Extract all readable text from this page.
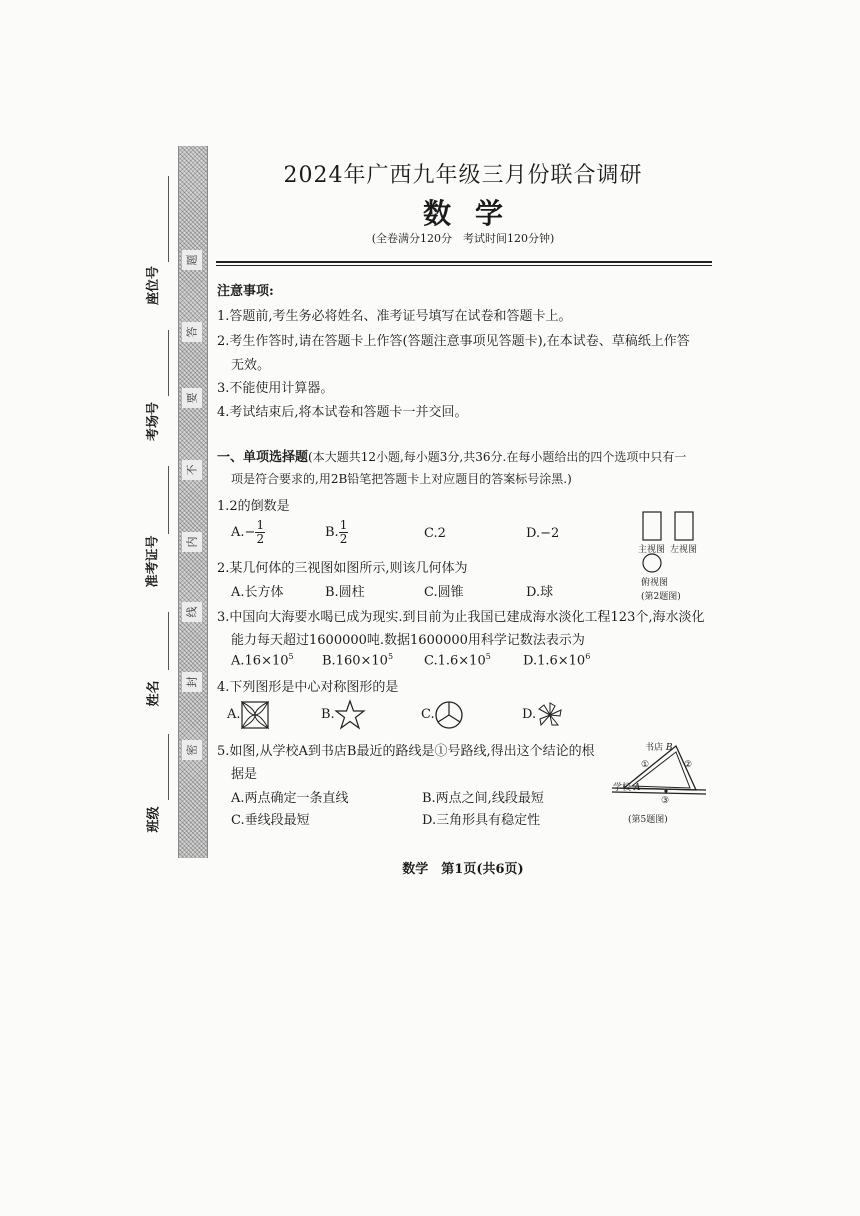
题
答
要
不
内
线
封
密
座位号
考场号
准考证号
姓名
班级
2024年广西九年级三月份联合调研
数学
(全卷满分120分　考试时间120分钟)
注意事项:
1.答题前,考生务必将姓名、准考证号填写在试卷和答题卡上。
2.考生作答时,请在答题卡上作答(答题注意事项见答题卡),在本试卷、草稿纸上作答
无效。
3.不能使用计算器。
4.考试结束后,将本试卷和答题卡一并交回。
一、单项选择题(本大题共12小题,每小题3分,共36分.在每小题给出的四个选项中只有一
项是符合要求的,用2B铅笔把答题卡上对应题目的答案标号涂黑.)
1.2的倒数是
$A.- \frac{1}{2}$	B. $\frac{1}{2}$	C.2	D.−2
主视图 左视图
俯视图
(第2题图)
2.某几何体的三视图如图所示,则该几何体为
A.长方体	B.圆柱	C.圆锥	D.球
3.中国向大海要水喝已成为现实.到目前为止我国已建成海水淡化工程123个,海水淡化
能力每天超过1600000吨.数据1600000用科学记数法表示为
$A.16\times 10^5$ $B.160\times 10^5$ $C.1.6\times 10^5$ $D.1.6\times 10^6$
4.下列图形是中心对称图形的是
A.	B.	C.	D.
5.如图,从学校A到书店B最近的路线是①号路线,得出这个结论的根
据是
A.两点确定一条直线	B.两点之间,线段最短
C.垂线段最短	D.三角形具有稳定性
书店 B
学校 A
①	②
③
(第5题图)
数学　第1页(共6页)
